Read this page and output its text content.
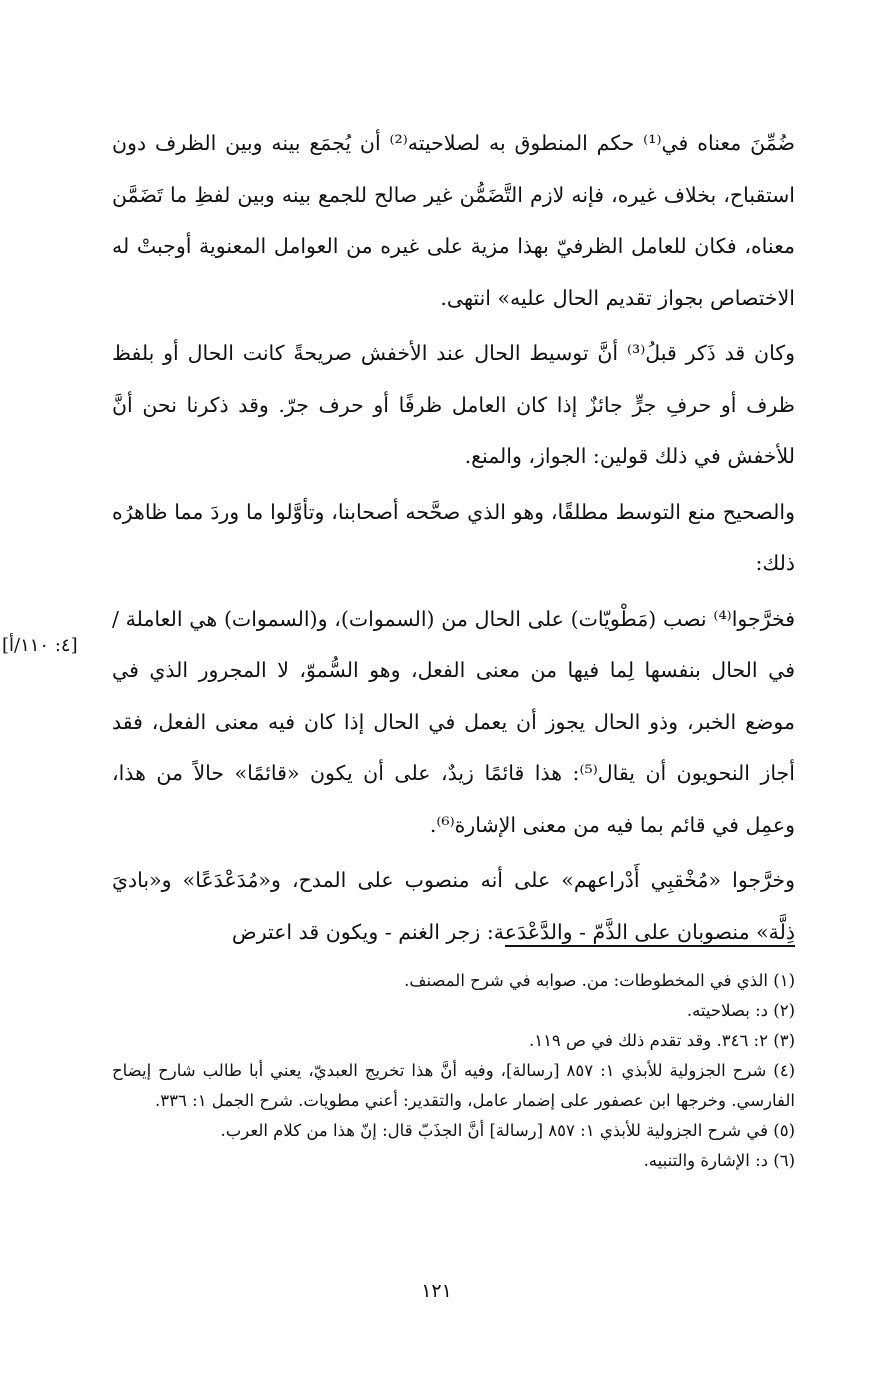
ضُمِّنَ معناه في⁽¹⁾ حكم المنطوق به لصلاحيته⁽²⁾ أن يُجمَع بينه وبين الظرف دون استقباح، بخلاف غيره، فإنه لازم التَّضَمُّن غير صالح للجمع بينه وبين لفظِ ما تَضَمَّن معناه، فكان للعامل الظرفيّ بهذا مزية على غيره من العوامل المعنوية أوجبتْ له الاختصاص بجواز تقديم الحال عليه» انتهى.

وكان قد ذَكر قبلُ⁽³⁾ أنَّ توسيط الحال عند الأخفش صريحةً كانت الحال أو بلفظ ظرف أو حرفِ جرٍّ جائزٌ إذا كان العامل ظرفًا أو حرف جرّ. وقد ذكرنا نحن أنَّ للأخفش في ذلك قولين: الجواز، والمنع.

والصحيح منع التوسط مطلقًا، وهو الذي صحَّحه أصحابنا، وتأوَّلوا ما وردَ مما ظاهرُه ذلك:

فخرَّجوا⁽⁴⁾ نصب (مَطْويّات) على الحال من (السموات)، و(السموات) هي العاملة /في الحال بنفسها لِما فيها من معنى الفعل، وهو السُّموّ، لا المجرور الذي في موضع الخبر، وذو الحال يجوز أن يعمل في الحال إذا كان فيه معنى الفعل، فقد أجاز النحويون أن يقال⁽⁵⁾: هذا قائمًا زيدٌ، على أن يكون «قائمًا» حالاً من هذا، وعمِل في قائم بما فيه من معنى الإشارة⁽⁶⁾.

وخرَّجوا «مُخْقبِي أَدْراعهم» على أنه منصوب على المدح، و«مُدَعْدَعًا» و«باديَ ذِلَّة» منصوبان على الذَّمّ - والدَّعْدَعة: زجر الغنم - ويكون قد اعترض

[٤: ١١٠/أ]

(١) الذي في المخطوطات: من. صوابه في شرح المصنف.

(٢) د: بصلاحيته.

(٣) ٢: ٣٤٦. وقد تقدم ذلك في ص ١١٩.

(٤) شرح الجزولية للأبذي ١: ٨٥٧ [رسالة]، وفيه أنَّ هذا تخريج العبديّ، يعني أبا طالب شارح إيضاح الفارسي. وخرجها ابن عصفور على إضمار عامل، والتقدير: أعني مطويات. شرح الجمل ١: ٣٣٦.

(٥) في شرح الجزولية للأبذي ١: ٨٥٧ [رسالة] أنَّ الجذَبّ قال: إنّ هذا من كلام العرب.

(٦) د: الإشارة والتنبيه.

١٢١
